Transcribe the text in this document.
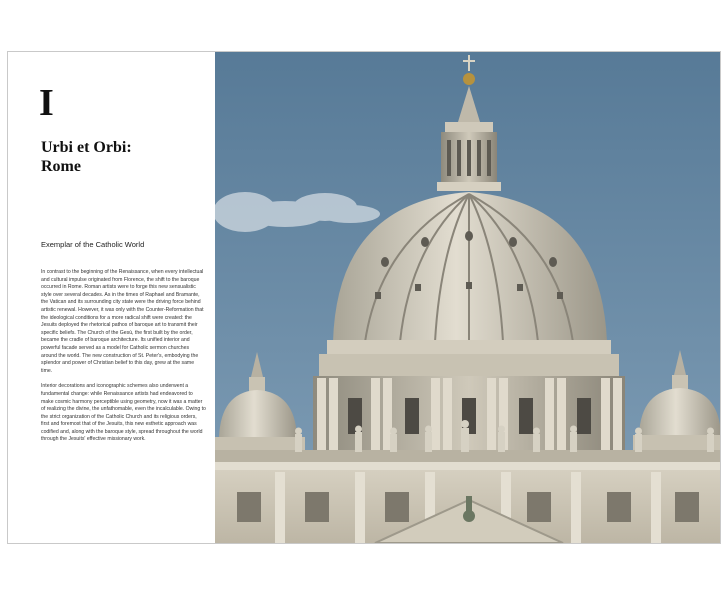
I
Urbi et Orbi:
Rome
Exemplar of the Catholic World

In contrast to the beginning of the Renaissance, when every intellectual and cultural impulse originated from Florence, the shift to the baroque occurred in Rome. Roman artists were to forge this new sensualistic style over several decades. As in the times of Raphael and Bramante, the Vatican and its surrounding city state were the driving force behind artistic renewal. However, it was only with the Counter-Reformation that the ideological conditions for a more radical shift were created: the Jesuits deployed the rhetorical pathos of baroque art to transmit their specific beliefs. The Church of the Gesù, the first built by the order, became the cradle of baroque architecture. Its unified interior and powerful facade served as a model for Catholic sermon churches around the world. The new construction of St. Peter's, embodying the splendor and power of Christian belief to this day, grew at the same time.

Interior decorations and iconographic schemes also underwent a fundamental change: while Renaissance artists had endeavored to make cosmic harmony perceptible using geometry, now it was a matter of realizing the divine, the unfathomable, even the incalculable. Owing to the strict organization of the Catholic Church and its religious orders, first and foremost that of the Jesuits, this new esthetic approach was codified and, along with the baroque style, spread throughout the world through the Jesuits' effective missionary work.
